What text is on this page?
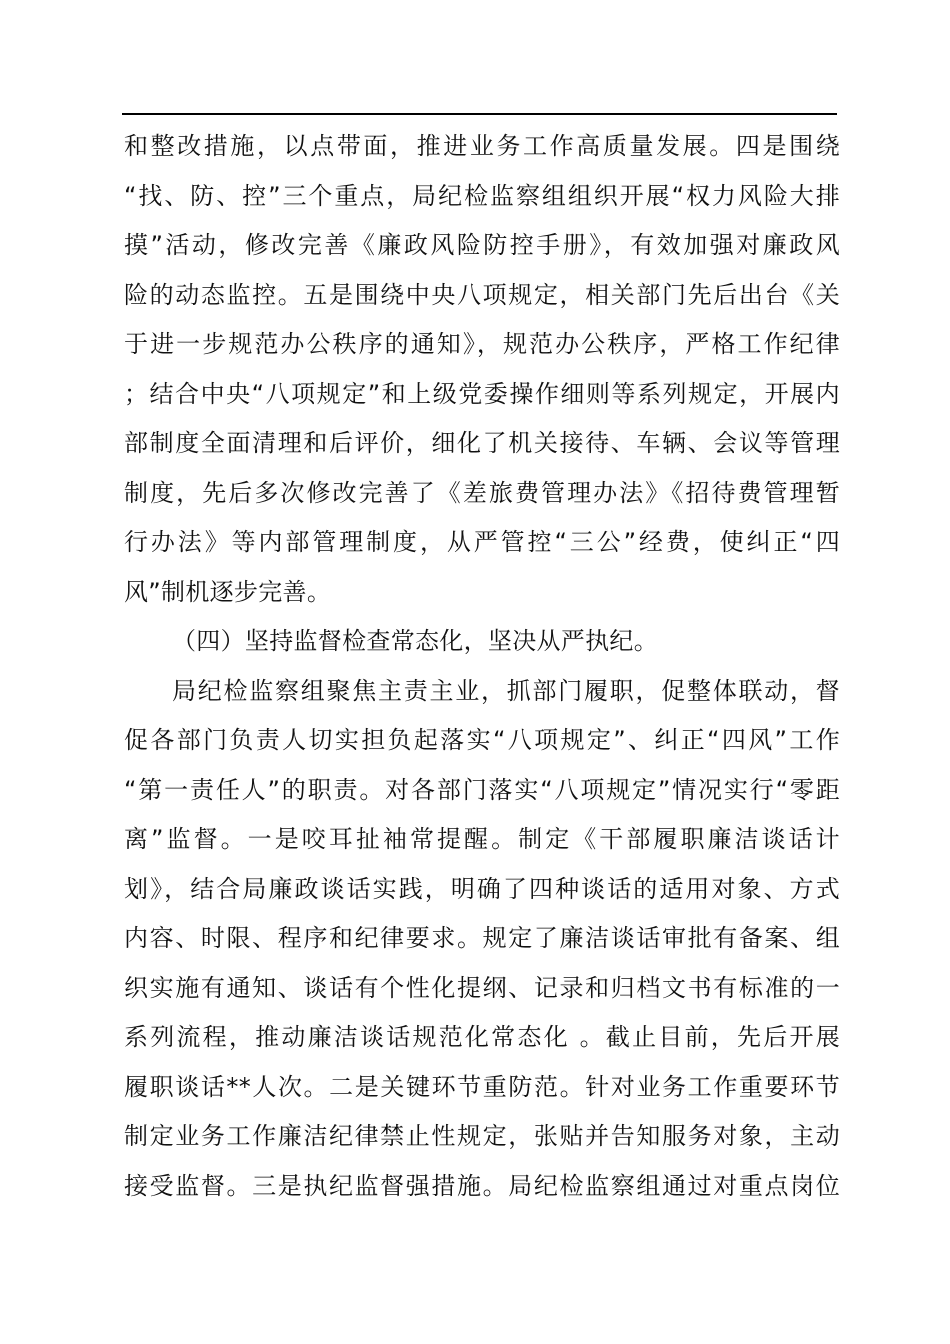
和整改措施，以点带面，推进业务工作高质量发展。四是围绕
“找、防、控”三个重点，局纪检监察组组织开展“权力风险大排
摸”活动，修改完善《廉政风险防控手册》，有效加强对廉政风
险的动态监控。五是围绕中央八项规定，相关部门先后出台《关
于进一步规范办公秩序的通知》，规范办公秩序，严格工作纪律
；结合中央“八项规定”和上级党委操作细则等系列规定，开展内
部制度全面清理和后评价，细化了机关接待、车辆、会议等管理
制度，先后多次修改完善了《差旅费管理办法》《招待费管理暂
行办法》等内部管理制度，从严管控“三公”经费，使纠正“四
风”制机逐步完善。
（四）坚持监督检查常态化，坚决从严执纪。
局纪检监察组聚焦主责主业，抓部门履职，促整体联动，督
促各部门负责人切实担负起落实“八项规定”、纠正“四风”工作
“第一责任人”的职责。对各部门落实“八项规定”情况实行“零距
离”监督。一是咬耳扯袖常提醒。制定《干部履职廉洁谈话计
划》，结合局廉政谈话实践，明确了四种谈话的适用对象、方式
内容、时限、程序和纪律要求。规定了廉洁谈话审批有备案、组
织实施有通知、谈话有个性化提纲、记录和归档文书有标准的一
系列流程，推动廉洁谈话规范化常态化 。截止目前，先后开展
履职谈话**人次。二是关键环节重防范。针对业务工作重要环节
制定业务工作廉洁纪律禁止性规定，张贴并告知服务对象，主动
接受监督。三是执纪监督强措施。局纪检监察组通过对重点岗位
